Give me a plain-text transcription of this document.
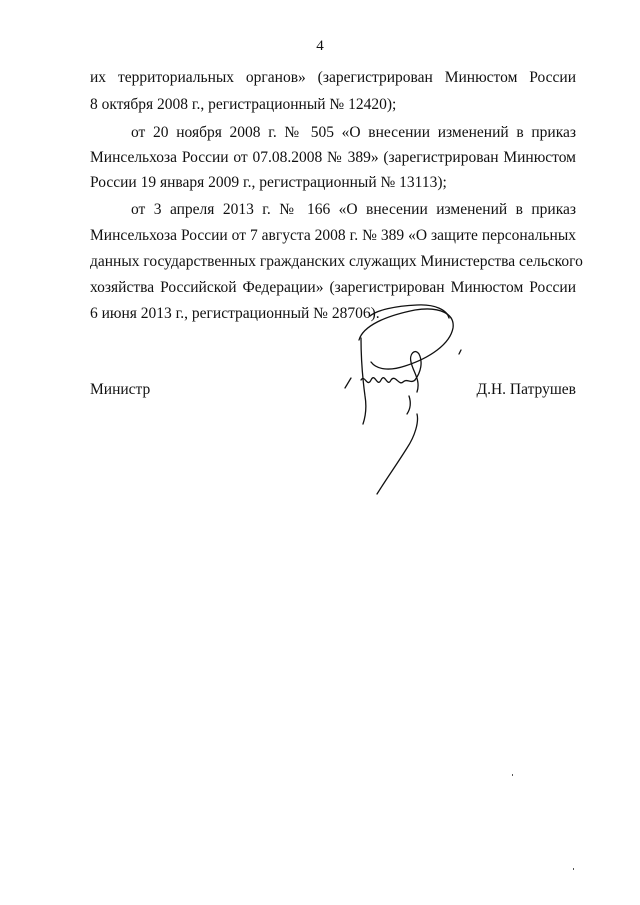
4
их территориальных органов» (зарегистрирован Минюстом России
8 октября 2008 г., регистрационный № 12420);
от 20 ноября 2008 г. № 505 «О внесении изменений в приказ
Минсельхоза России от 07.08.2008 № 389» (зарегистрирован Минюстом
России 19 января 2009 г., регистрационный № 13113);
от 3 апреля 2013 г. № 166 «О внесении изменений в приказ
Минсельхоза России от 7 августа 2008 г. № 389 «О защите персональных
данных государственных гражданских служащих Министерства сельского
хозяйства Российской Федерации» (зарегистрирован Минюстом России
6 июня 2013 г., регистрационный № 28706).
Министр	Д.Н. Патрушев
